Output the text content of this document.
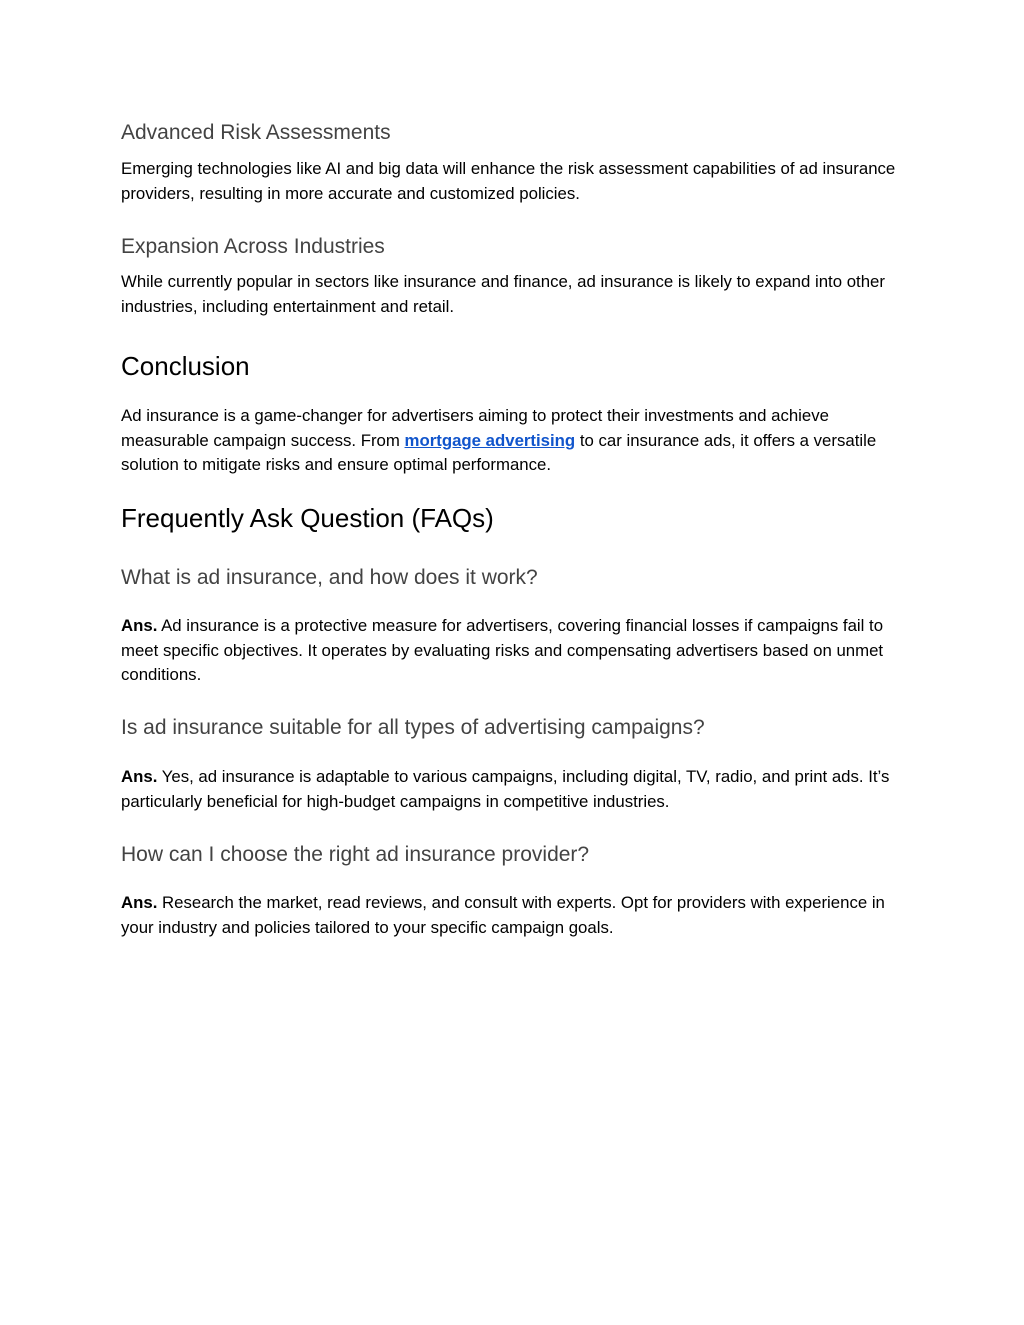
Advanced Risk Assessments

Emerging technologies like AI and big data will enhance the risk assessment capabilities of ad insurance providers, resulting in more accurate and customized policies.

Expansion Across Industries

While currently popular in sectors like insurance and finance, ad insurance is likely to expand into other industries, including entertainment and retail.

Conclusion

Ad insurance is a game-changer for advertisers aiming to protect their investments and achieve measurable campaign success. From mortgage advertising to car insurance ads, it offers a versatile solution to mitigate risks and ensure optimal performance.

Frequently Ask Question (FAQs)
What is ad insurance, and how does it work?

Ans. Ad insurance is a protective measure for advertisers, covering financial losses if campaigns fail to meet specific objectives. It operates by evaluating risks and compensating advertisers based on unmet conditions.

Is ad insurance suitable for all types of advertising campaigns?

Ans. Yes, ad insurance is adaptable to various campaigns, including digital, TV, radio, and print ads. It’s particularly beneficial for high-budget campaigns in competitive industries.

How can I choose the right ad insurance provider?

Ans. Research the market, read reviews, and consult with experts. Opt for providers with experience in your industry and policies tailored to your specific campaign goals.
